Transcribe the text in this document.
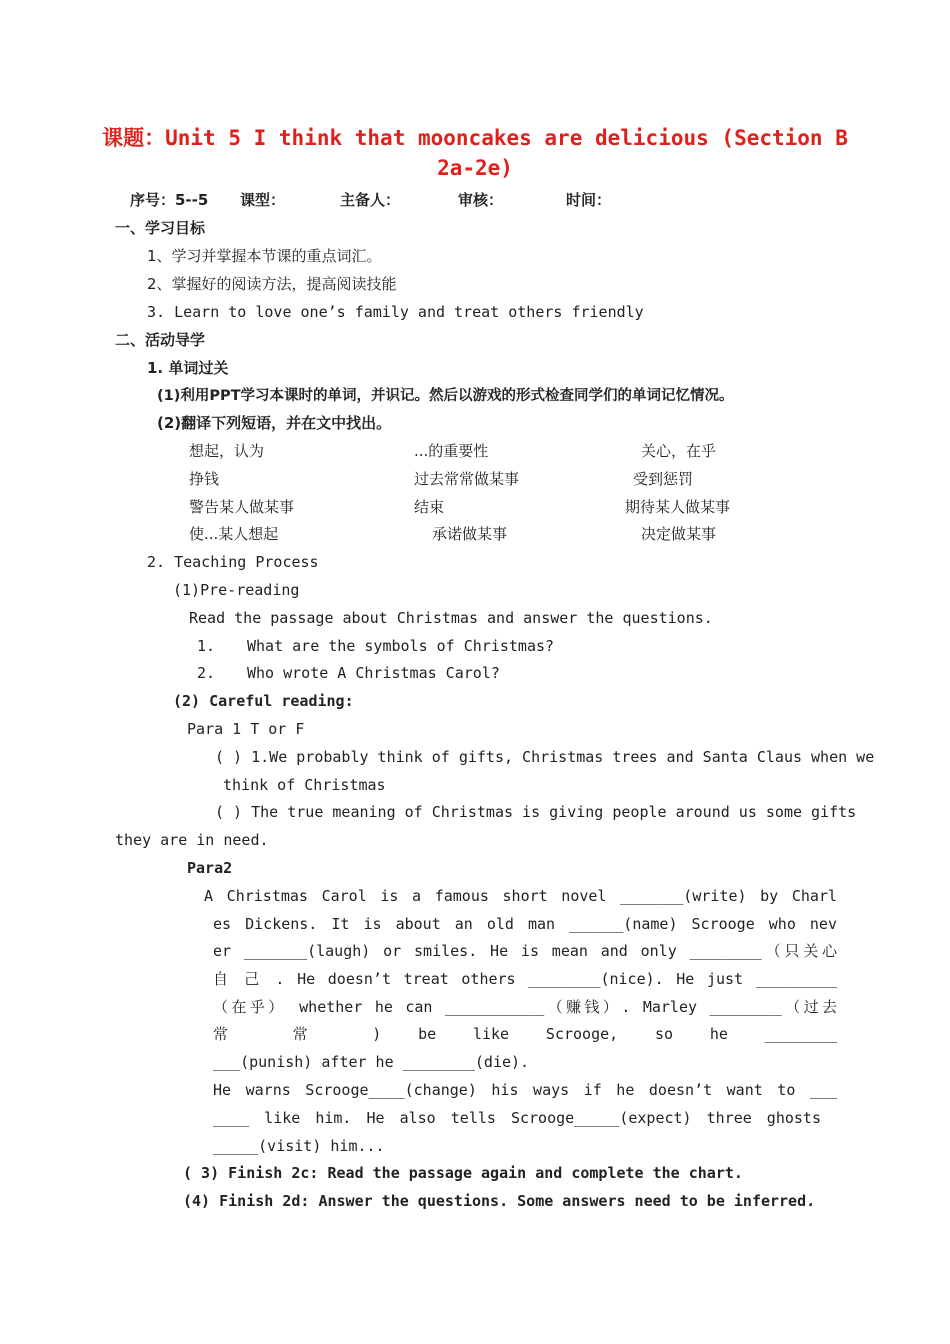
课题：Unit 5 I think that mooncakes are delicious (Section B
2a-2e)
序号：5--5 课型：	主备人：	审核：	时间：
一、学习目标
1、学习并掌握本节课的重点词汇。
2、掌握好的阅读方法，提高阅读技能
3. Learn to love one’s family and treat others friendly
二、活动导学
1. 单词过关
(1)利用PPT学习本课时的单词，并识记。然后以游戏的形式检查同学们的单词记忆情况。
(2)翻译下列短语，并在文中找出。
想起，认为	...的重要性	关心，在乎
挣钱	过去常常做某事	受到惩罚
警告某人做某事	结束	期待某人做某事
使...某人想起	承诺做某事	决定做某事
2. Teaching Process
(1)Pre-reading
Read the passage about Christmas and answer the questions.
1. What are the symbols of Christmas?
2. Who wrote A Christmas Carol?
(2) Careful reading:
Para 1 T or F
( ) 1.We probably think of gifts, Christmas trees and Santa Claus when we
think of Christmas
( ) The true meaning of Christmas is giving people around us some gifts
they are in need.
Para2
A Christmas Carol is a famous short novel _______(write) by Charl
es Dickens. It is about an old man ______(name) Scrooge who nev
er _______(laugh) or smiles. He is mean and only ________（只关心
自 己 . He doesn’t treat others ________(nice). He just _________
（在乎） whether he can ___________（赚钱）. Marley ________（过去
常 常 ) be like Scrooge, so he ________
___(punish) after he ________(die).
He warns Scrooge____(change) his ways if he doesn’t want to ___
____ like him. He also tells Scrooge_____(expect) three ghosts
_____(visit) him...
( 3) Finish 2c: Read the passage again and complete the chart.
(4) Finish 2d: Answer the questions. Some answers need to be inferred.
